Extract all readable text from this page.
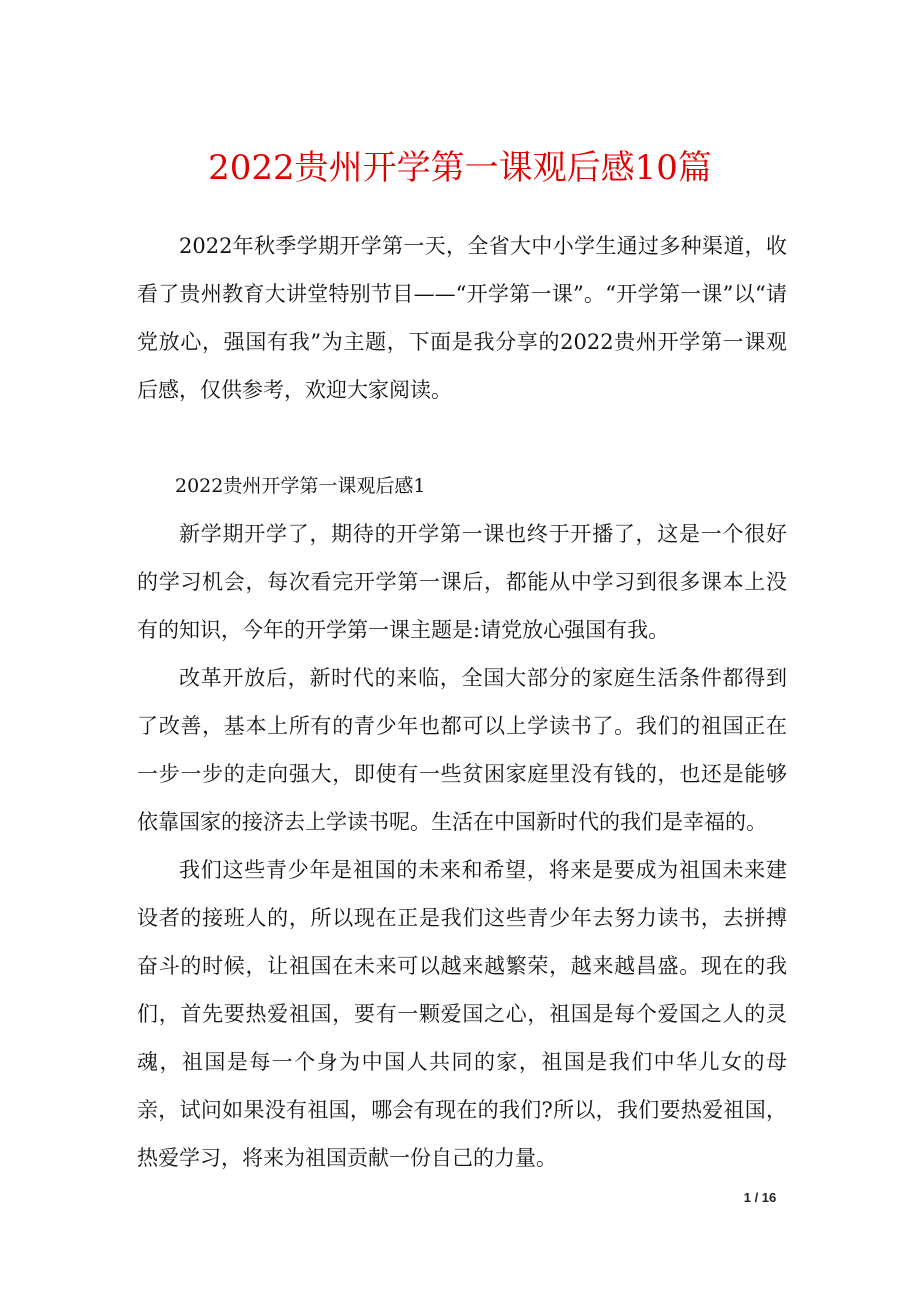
2022贵州开学第一课观后感10篇

2022年秋季学期开学第一天，全省大中小学生通过多种渠道，收看了贵州教育大讲堂特别节目——“开学第一课”。“开学第一课”以“请党放心，强国有我”为主题，下面是我分享的2022贵州开学第一课观后感，仅供参考，欢迎大家阅读。

2022贵州开学第一课观后感1

新学期开学了，期待的开学第一课也终于开播了，这是一个很好的学习机会，每次看完开学第一课后，都能从中学习到很多课本上没有的知识，今年的开学第一课主题是:请党放心强国有我。

改革开放后，新时代的来临，全国大部分的家庭生活条件都得到了改善，基本上所有的青少年也都可以上学读书了。我们的祖国正在一步一步的走向强大，即使有一些贫困家庭里没有钱的，也还是能够依靠国家的接济去上学读书呢。生活在中国新时代的我们是幸福的。

我们这些青少年是祖国的未来和希望，将来是要成为祖国未来建设者的接班人的，所以现在正是我们这些青少年去努力读书，去拼搏奋斗的时候，让祖国在未来可以越来越繁荣，越来越昌盛。现在的我们，首先要热爱祖国，要有一颗爱国之心，祖国是每个爱国之人的灵魂，祖国是每一个身为中国人共同的家，祖国是我们中华儿女的母亲，试问如果没有祖国，哪会有现在的我们?所以，我们要热爱祖国，热爱学习，将来为祖国贡献一份自己的力量。

1 / 16
